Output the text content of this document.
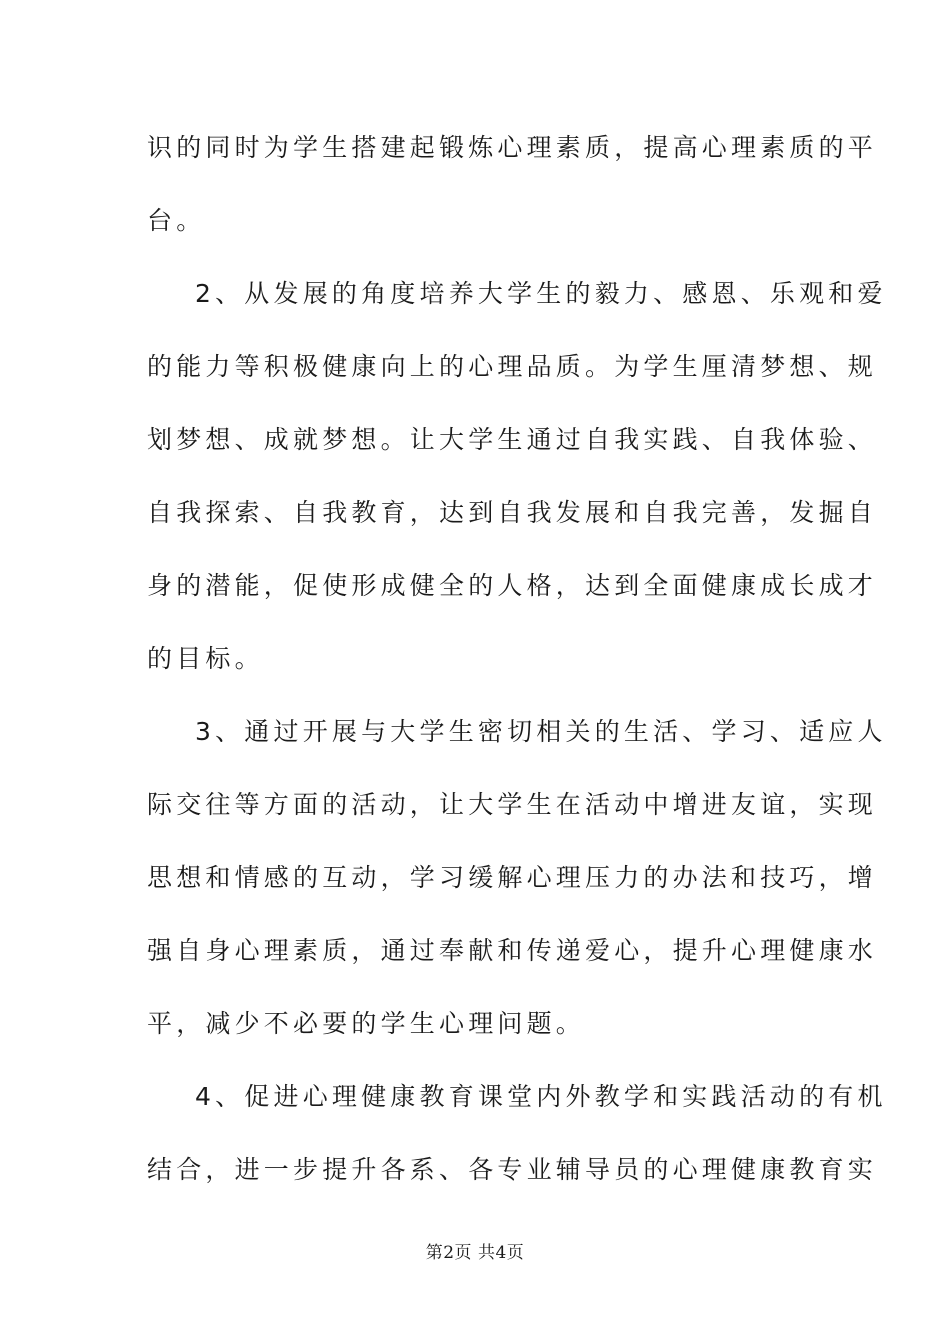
识的同时为学生搭建起锻炼心理素质，提高心理素质的平
台。
2、从发展的角度培养大学生的毅力、感恩、乐观和爱
的能力等积极健康向上的心理品质。为学生厘清梦想、规
划梦想、成就梦想。让大学生通过自我实践、自我体验、
自我探索、自我教育，达到自我发展和自我完善，发掘自
身的潜能，促使形成健全的人格，达到全面健康成长成才
的目标。
3、通过开展与大学生密切相关的生活、学习、适应人
际交往等方面的活动，让大学生在活动中增进友谊，实现
思想和情感的互动，学习缓解心理压力的办法和技巧，增
强自身心理素质，通过奉献和传递爱心，提升心理健康水
平，减少不必要的学生心理问题。
4、促进心理健康教育课堂内外教学和实践活动的有机
结合，进一步提升各系、各专业辅导员的心理健康教育实
第2页 共4页
